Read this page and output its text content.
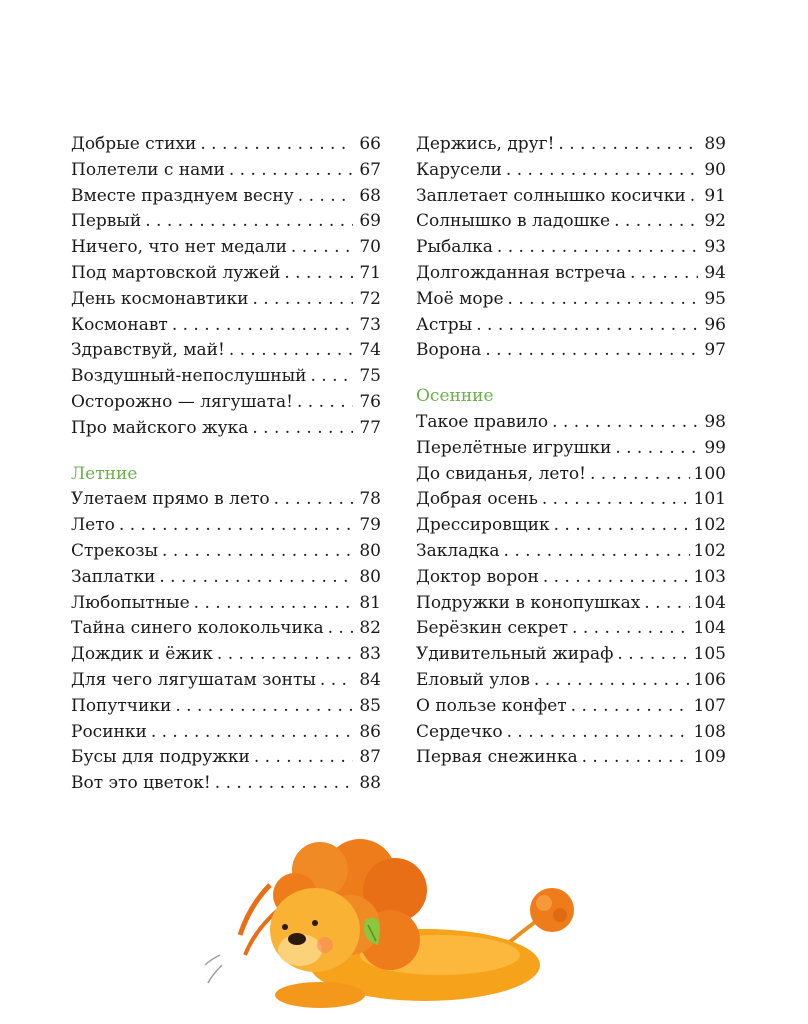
Добрые стихи . . .	66
Полетели с нами . . .	67
Вместе празднуем весну . . .	68
Первый . . .	69
Ничего, что нет медали . . .	70
Под мартовской лужей . . .	71
День космонавтики . . .	72
Космонавт . . .	73
Здравствуй, май! . . .	74
Воздушный-непослушный . . .	75
Осторожно — лягушата! . . .	76
Про майского жука . . .	77
Летние
Улетаем прямо в лето . . .	78
Лето . . .	79
Стрекозы . . .	80
Заплатки . . .	80
Любопытные . . .	81
Тайна синего колокольчика . . . 82
Дождик и ёжик . . .	83
Для чего лягушатам зонты . . .	84
Попутчики . . .	85
Росинки . . .	86
Бусы для подружки . . .	87
Вот это цветок! . . .	88
Держись, друг! . . .	89
Карусели . . .	90
Заплетает солнышко косички . . . 91
Солнышко в ладошке . . .	92
Рыбалка . . .	93
Долгожданная встреча . . .	94
Моё море . . .	95
Астры . . .	96
Ворона . . .	97
Осенние
Такое правило . . .	98
Перелётные игрушки . . .	99
До свиданья, лето! . . .	100
Добрая осень . . .	101
Дрессировщик . . .	102
Закладка . . .	102
Доктор ворон . . .	103
Подружки в конопушках . . .	104
Берёзкин секрет . . .	104
Удивительный жираф . . .	105
Еловый улов . . .	106
О пользе конфет . . .	107
Сердечко . . .	108
Первая снежинка . . .	109
